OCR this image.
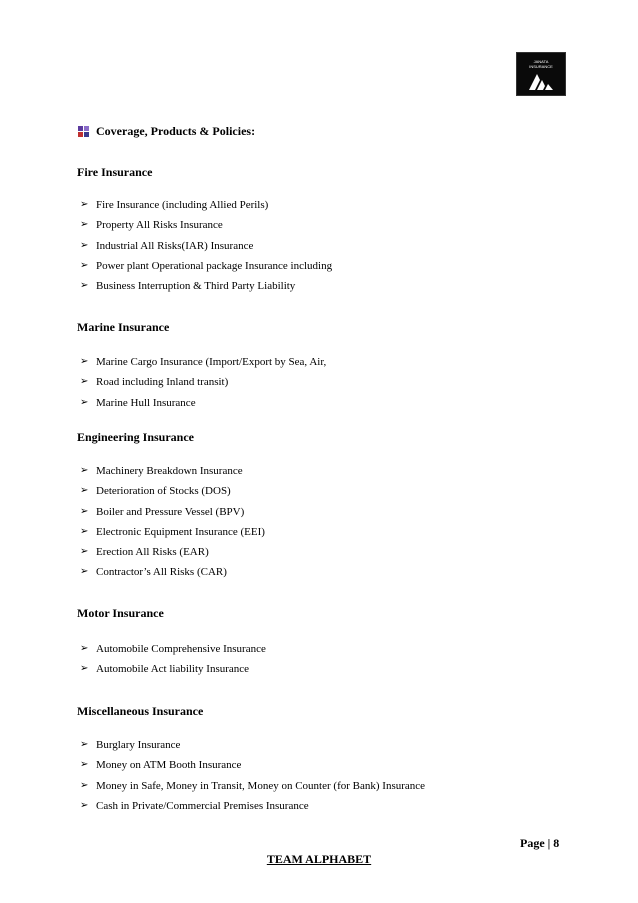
JANATA
INSURANCE
Coverage, Products & Policies:
Fire Insurance
➢ Fire Insurance (including Allied Perils)
➢ Property All Risks Insurance
➢ Industrial All Risks(IAR) Insurance
➢ Power plant Operational package Insurance including
➢ Business Interruption & Third Party Liability
Marine Insurance
➢ Marine Cargo Insurance (Import/Export by Sea, Air,
➢ Road including Inland transit)
➢ Marine Hull Insurance
Engineering Insurance
➢ Machinery Breakdown Insurance
➢ Deterioration of Stocks (DOS)
➢ Boiler and Pressure Vessel (BPV)
➢ Electronic Equipment Insurance (EEI)
➢ Erection All Risks (EAR)
➢ Contractor’s All Risks (CAR)
Motor Insurance
➢ Automobile Comprehensive Insurance
➢ Automobile Act liability Insurance
Miscellaneous Insurance
➢ Burglary Insurance
➢ Money on ATM Booth Insurance
➢ Money in Safe, Money in Transit, Money on Counter (for Bank) Insurance
➢ Cash in Private/Commercial Premises Insurance
Page | 8
TEAM ALPHABET
